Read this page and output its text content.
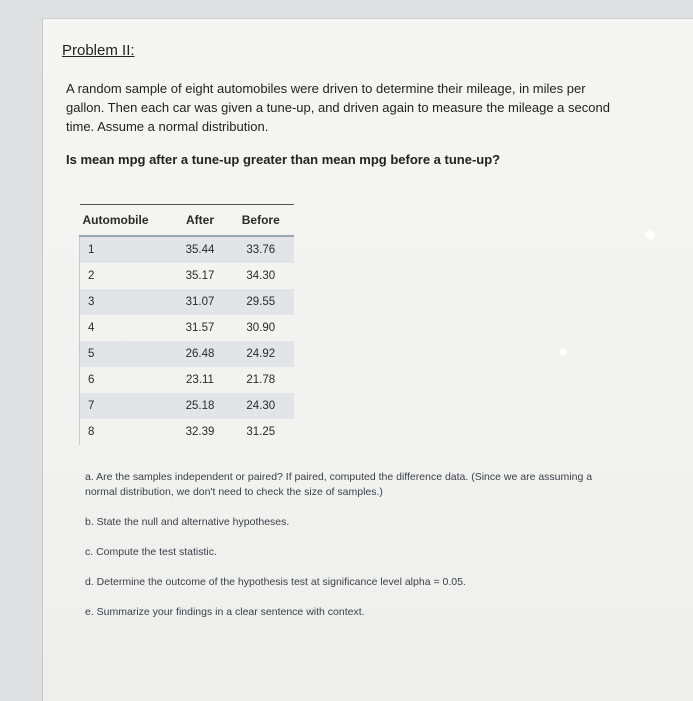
Problem II:

A random sample of eight automobiles were driven to determine their mileage, in miles per gallon. Then each car was given a tune-up, and driven again to measure the mileage a second time. Assume a normal distribution.

Is mean mpg after a tune-up greater than mean mpg before a tune-up?

Automobile	After	Before
1	35.44	33.76
2	35.17	34.30
3	31.07	29.55
4	31.57	30.90
5	26.48	24.92
6	23.11	21.78
7	25.18	24.30
8	32.39	31.25
a. Are the samples independent or paired? If paired, computed the difference data. (Since we are assuming a normal distribution, we don't need to check the size of samples.)
b. State the null and alternative hypotheses.
c. Compute the test statistic.
d. Determine the outcome of the hypothesis test at significance level alpha = 0.05.
e. Summarize your findings in a clear sentence with context.
